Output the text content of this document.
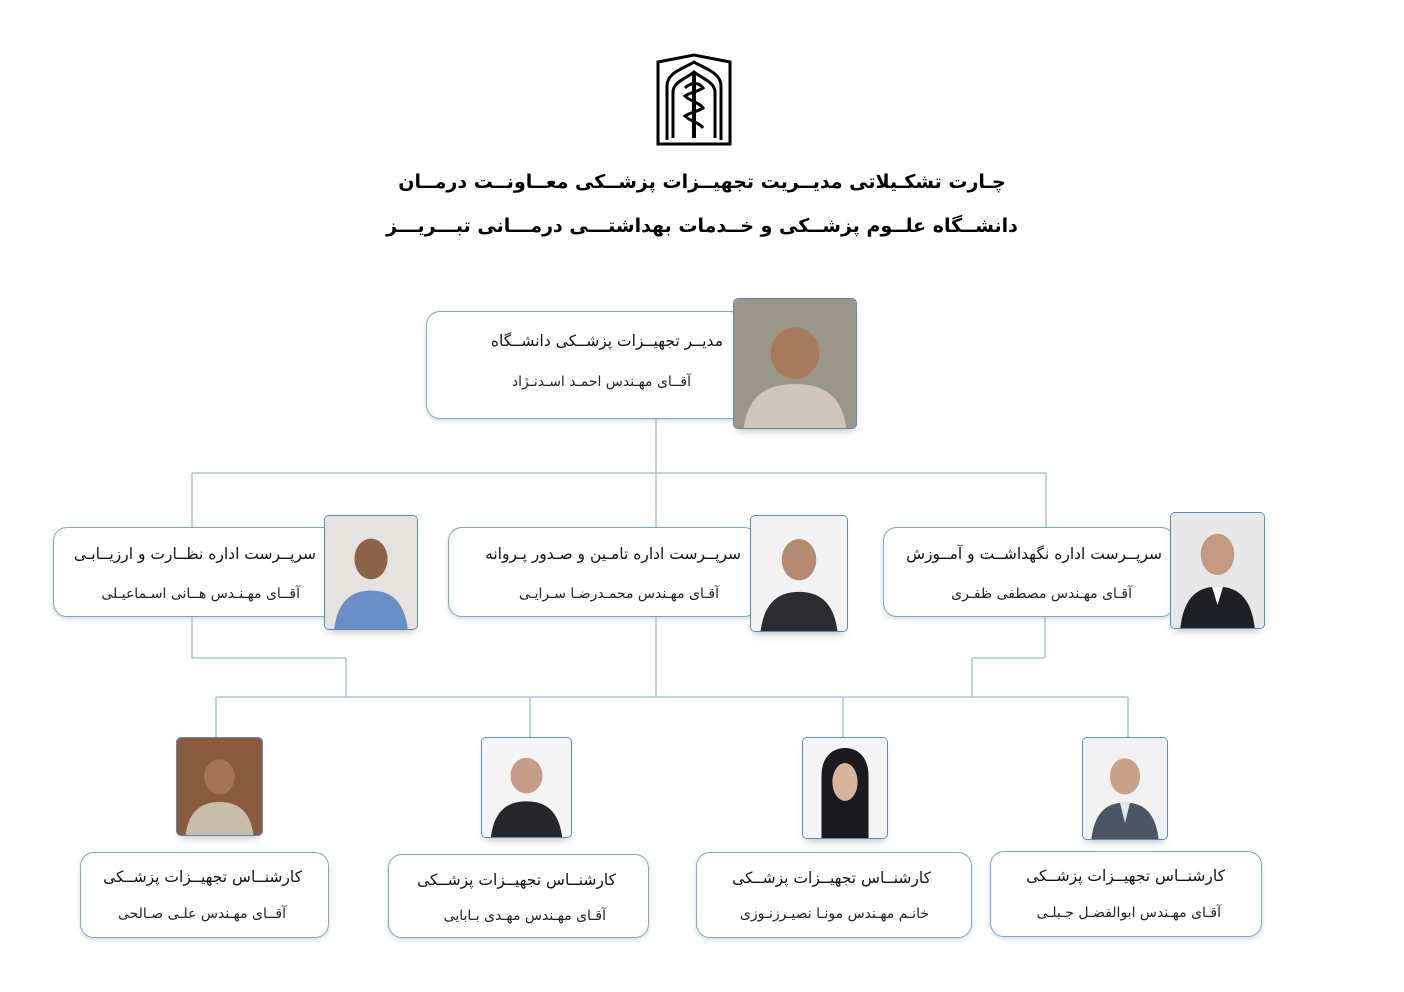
چـارت تشکـیلاتی مدیــریت تجهیــزات پزشــکی معــاونــت درمــان
دانشــگاه علــوم پزشــکی و خــدمات بهداشتـــی درمـــانی تبـــریـــز
مدیــر تجهیــزات پزشــکی دانشــگاه
آقــای مهـندس احمـد اسـدنـژاد
سرپــرست اداره نظــارت و ارزیــابـی
آقــای مهـنـدس هــانی اسـماعیـلی
سرپــرست اداره تامـین و صـدور پـروانه
آقـای مهـندس محمـدرضـا سـرایـی
سرپــرست اداره نگهداشــت و آمــوزش
آقـای مهـندس مصطفی ظفـری
کارشنــاس تجهیــزات پزشــکی
آقــای مهـندس علـی صـالحی
کارشنــاس تجهیــزات پزشــکی
آقـای مهـندس مهـدی بـابایی
کارشنــاس تجهیــزات پزشــکی
خانـم مهـندس مونـا نصیـرزنـوزی
کارشنــاس تجهیــزات پزشــکی
آقـای مهـندس ابوالفضـل جـبلـی
